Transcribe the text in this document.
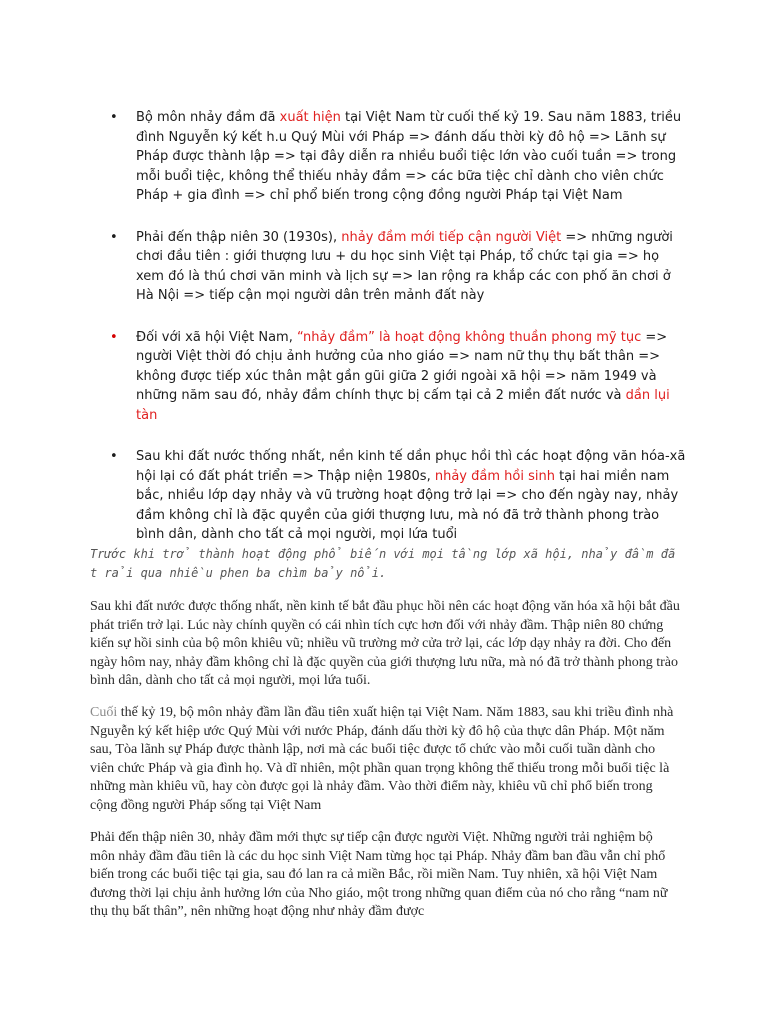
• Bộ môn nhảy đầm đã xuất hiện tại Việt Nam từ cuối thế kỷ 19. Sau năm 1883, triều đình Nguyễn ký kết h.u Quý Mùi với Pháp => đánh dấu thời kỳ đô hộ => Lãnh sự Pháp được thành lập => tại đây diễn ra nhiều buổi tiệc lớn vào cuối tuần => trong mỗi buổi tiệc, không thể thiếu nhảy đầm => các bữa tiệc chỉ dành cho viên chức Pháp + gia đình => chỉ phổ biến trong cộng đồng người Pháp tại Việt Nam
• Phải đến thập niên 30 (1930s), nhảy đầm mới tiếp cận người Việt => những người chơi đầu tiên : giới thượng lưu + du học sinh Việt tại Pháp, tổ chức tại gia => họ xem đó là thú chơi văn minh và lịch sự => lan rộng ra khắp các con phố ăn chơi ở Hà Nội => tiếp cận mọi người dân trên mảnh đất này
• Đối với xã hội Việt Nam, “nhảy đầm” là hoạt động không thuần phong mỹ tục => người Việt thời đó chịu ảnh hưởng của nho giáo => nam nữ thụ thụ bất thân => không được tiếp xúc thân mật gần gũi giữa 2 giới ngoài xã hội => năm 1949 và những năm sau đó, nhảy đầm chính thực bị cấm tại cả 2 miền đất nước và dần lụi tàn
• Sau khi đất nước thống nhất, nền kinh tế dần phục hồi thì các hoạt động văn hóa-xã hội lại có đất phát triển => Thập niện 1980s, nhảy đầm hồi sinh tại hai miền nam bắc, nhiều lớp dạy nhảy và vũ trường hoạt động trở lại => cho đến ngày nay, nhảy đầm không chỉ là đặc quyền của giới thượng lưu, mà nó đã trở thành phong trào bình dân, dành cho tất cả mọi người, mọi lứa tuổi
Trước khi trở thành hoạt động phổ biến với mọi tầng lớp xã hội, nhảy đầm đã t rải qua nhiều phen ba chìm bảy nổi.
Sau khi đất nước được thống nhất, nền kinh tế bắt đầu phục hồi nên các hoạt động văn hóa xã hội bắt đầu phát triển trở lại. Lúc này chính quyền có cái nhìn tích cực hơn đối với nhảy đầm. Thập niên 80 chứng kiến sự hồi sinh của bộ môn khiêu vũ; nhiều vũ trường mở cửa trở lại, các lớp dạy nhảy ra đời. Cho đến ngày hôm nay, nhảy đầm không chỉ là đặc quyền của giới thượng lưu nữa, mà nó đã trở thành phong trào bình dân, dành cho tất cả mọi người, mọi lứa tuổi.
Cuối thế kỷ 19, bộ môn nhảy đầm lần đầu tiên xuất hiện tại Việt Nam. Năm 1883, sau khi triều đình nhà Nguyễn ký kết hiệp ước Quý Mùi với nước Pháp, đánh dấu thời kỳ đô hộ của thực dân Pháp. Một năm sau, Tòa lãnh sự Pháp được thành lập, nơi mà các buổi tiệc được tổ chức vào mỗi cuối tuần dành cho viên chức Pháp và gia đình họ. Và dĩ nhiên, một phần quan trọng không thể thiếu trong mỗi buổi tiệc là những màn khiêu vũ, hay còn được gọi là nhảy đầm. Vào thời điểm này, khiêu vũ chỉ phổ biến trong cộng đồng người Pháp sống tại Việt Nam
Phải đến thập niên 30, nhảy đầm mới thực sự tiếp cận được người Việt. Những người trải nghiệm bộ môn nhảy đầm đầu tiên là các du học sinh Việt Nam từng học tại Pháp. Nhảy đầm ban đầu vẫn chỉ phổ biến trong các buổi tiệc tại gia, sau đó lan ra cả miền Bắc, rồi miền Nam. Tuy nhiên, xã hội Việt Nam đương thời lại chịu ảnh hưởng lớn của Nho giáo, một trong những quan điểm của nó cho rằng “nam nữ thụ thụ bất thân”, nên những hoạt động như nhảy đầm được
